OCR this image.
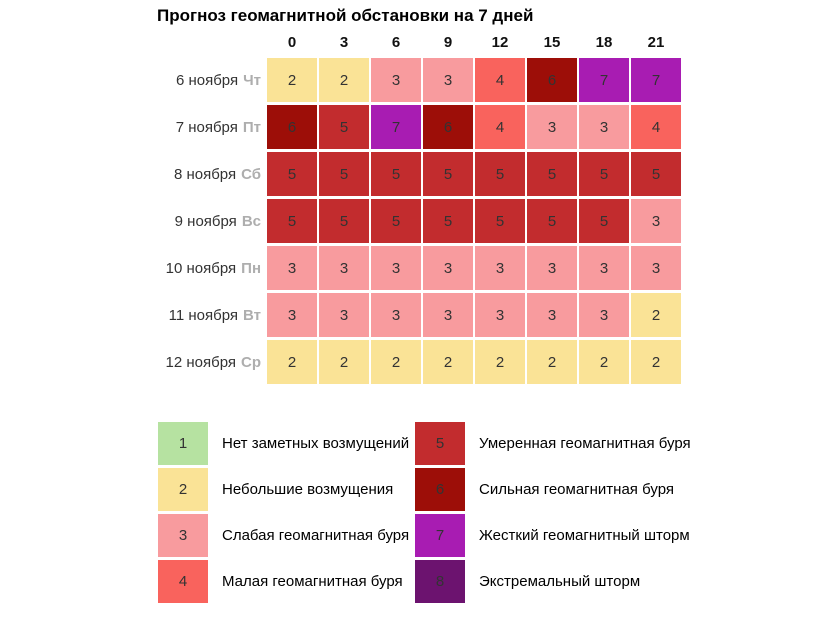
Прогноз геомагнитной обстановки на 7 дней
0	3	6	9	12	15	18	21
6 ноября Чт	2	2	3	3	4	6	7	7
7 ноября Пт	6	5	7	6	4	3	3	4
8 ноября Сб	5	5	5	5	5	5	5	5
9 ноября Вс	5	5	5	5	5	5	5	3
10 ноября Пн	3	3	3	3	3	3	3	3
11 ноября Вт	3	3	3	3	3	3	3	2
12 ноября Ср	2	2	2	2	2	2	2	2
1 Нет заметных возмущений
2 Небольшие возмущения
3 Слабая геомагнитная буря
4 Малая геомагнитная буря
5 Умеренная геомагнитная буря
6 Сильная геомагнитная буря
7 Жесткий геомагнитный шторм
8 Экстремальный шторм
